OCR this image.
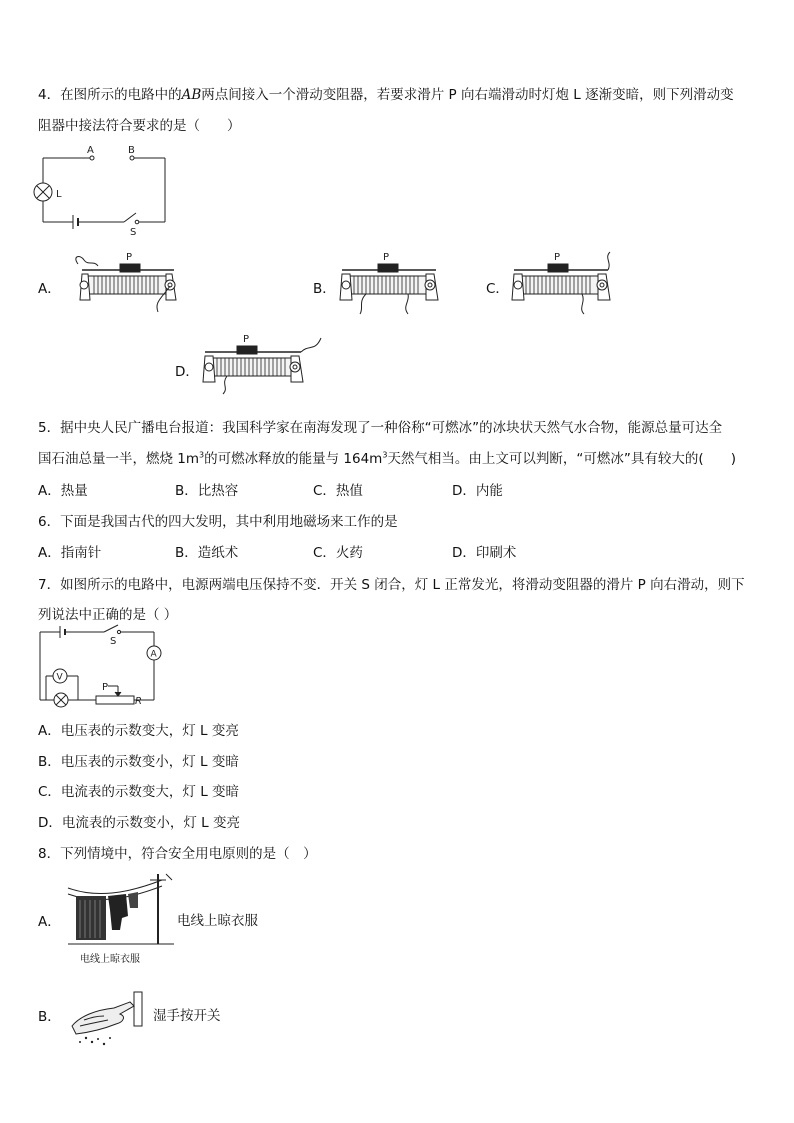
4．在图所示的电路中的AB两点间接入一个滑动变阻器，若要求滑片 P 向右端滑动时灯炮 L 逐渐变暗，则下列滑动变
阻器中接法符合要求的是（　　）
A	B
L
S
A．
P
B．
P
C．
P
D．
P
5．据中央人民广播电台报道：我国科学家在南海发现了一种俗称“可燃冰”的冰块状天然气水合物，能源总量可达全
国石油总量一半，燃烧 $1m^3$的可燃冰释放的能量与 $164m^3$天然气相当。由上文可以判断，“可燃冰”具有较大的(　　)
A．热量	B．比热容	C．热值	D．内能
6．下面是我国古代的四大发明，其中利用地磁场来工作的是
A．指南针	B．造纸术	C．火药	D．印刷术
7．如图所示的电路中，电源两端电压保持不变．开关 S 闭合，灯 L 正常发光，将滑动变阻器的滑片 P 向右滑动，则下
列说法中正确的是（ ）
S
A
V
P
R
A．电压表的示数变大，灯 L 变亮
B．电压表的示数变小，灯 L 变暗
C．电流表的示数变大，灯 L 变暗
D．电流表的示数变小，灯 L 变亮
8．下列情境中，符合安全用电原则的是（　）
A．
电线上晾衣服
电线上晾衣服
B．	湿手按开关
